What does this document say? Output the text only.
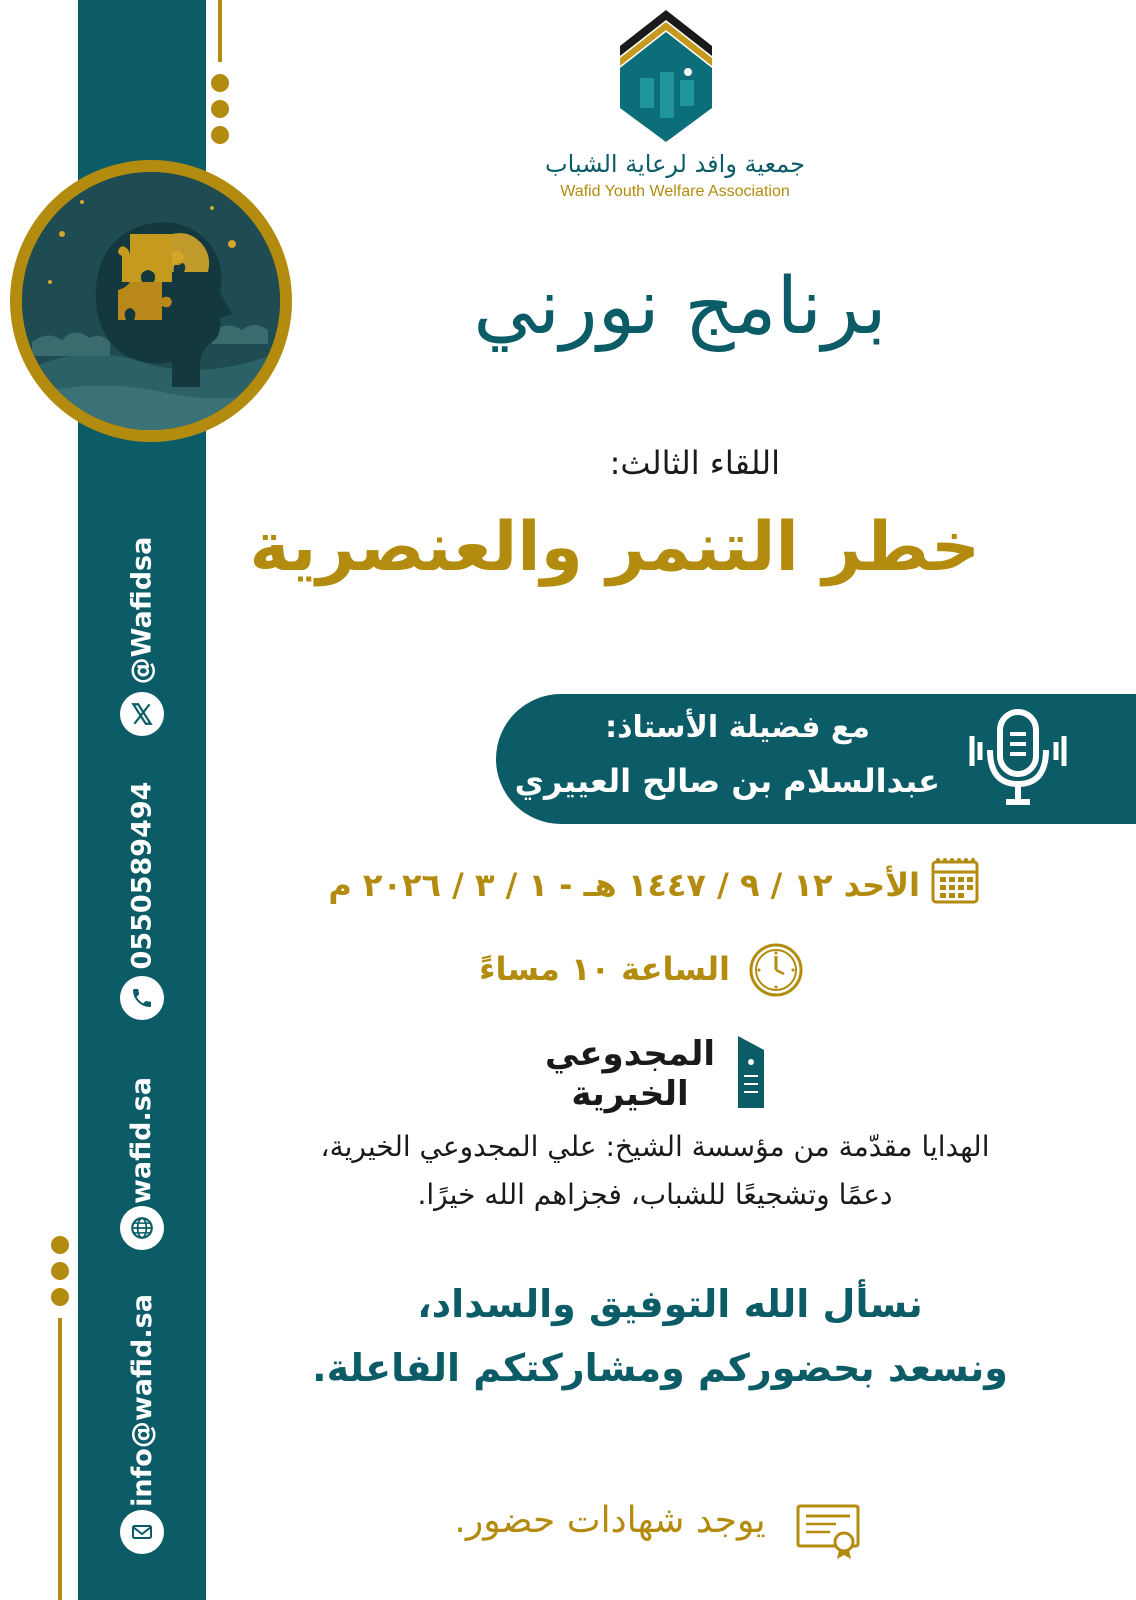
@Wafidsa
0550589494
wafid.sa
info@wafid.sa
جمعية وافد لرعاية الشباب
Wafid Youth Welfare Association
برنامج نورني
اللقاء الثالث:
خطر التنمر والعنصرية
مع فضيلة الأستاذ:
عبدالسلام بن صالح العييري
الأحد ١٢ / ٩ / ١٤٤٧ هـ - ١ / ٣ / ٢٠٢٦ م
الساعة ١٠ مساءً
المجدوعي
الخيرية
الهدايا مقدّمة من مؤسسة الشيخ: علي المجدوعي الخيرية،
دعمًا وتشجيعًا للشباب، فجزاهم الله خيرًا.
نسأل الله التوفيق والسداد،
ونسعد بحضوركم ومشاركتكم الفاعلة.
يوجد شهادات حضور.
